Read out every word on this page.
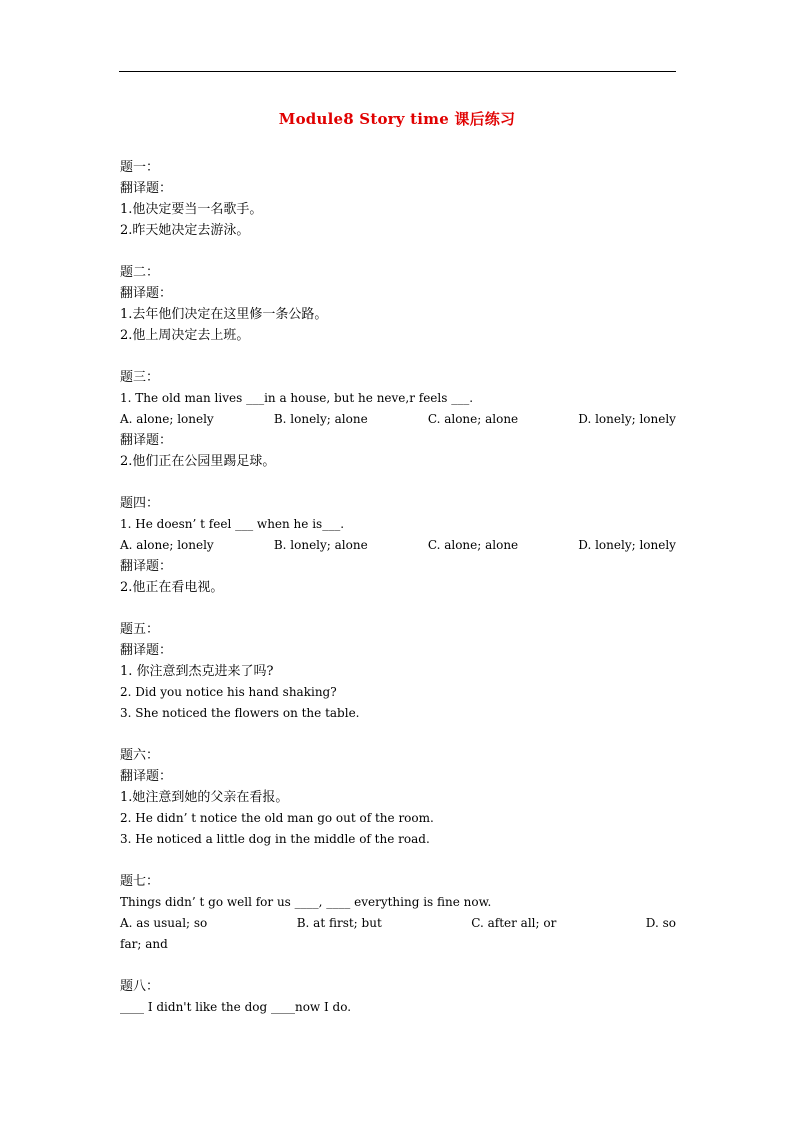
Module8 Story time 课后练习
题一：
翻译题：
1.他决定要当一名歌手。
2.昨天她决定去游泳。
题二：
翻译题：
1.去年他们决定在这里修一条公路。
2.他上周决定去上班。
题三：
1. The old man lives ___in a house, but he neve,r feels ___.
A. alone; lonely	B. lonely; alone	C. alone; alone	D. lonely; lonely
翻译题：
2.他们正在公园里踢足球。
题四：
1. He doesn’ t feel ___ when he is___.
A. alone; lonely	B. lonely; alone	C. alone; alone	D. lonely; lonely
翻译题：
2.他正在看电视。
题五：
翻译题：
1. 你注意到杰克进来了吗?
2. Did you notice his hand shaking?
3. She noticed the flowers on the table.
题六：
翻译题：
1.她注意到她的父亲在看报。
2. He didn’ t notice the old man go out of the room.
3. He noticed a little dog in the middle of the road.
题七：
Things didn’ t go well for us ____, ____ everything is fine now.
A. as usual; so	B. at first; but	C. after all; or	D. so
far; and
题八：
____ I didn't like the dog ____now I do.
